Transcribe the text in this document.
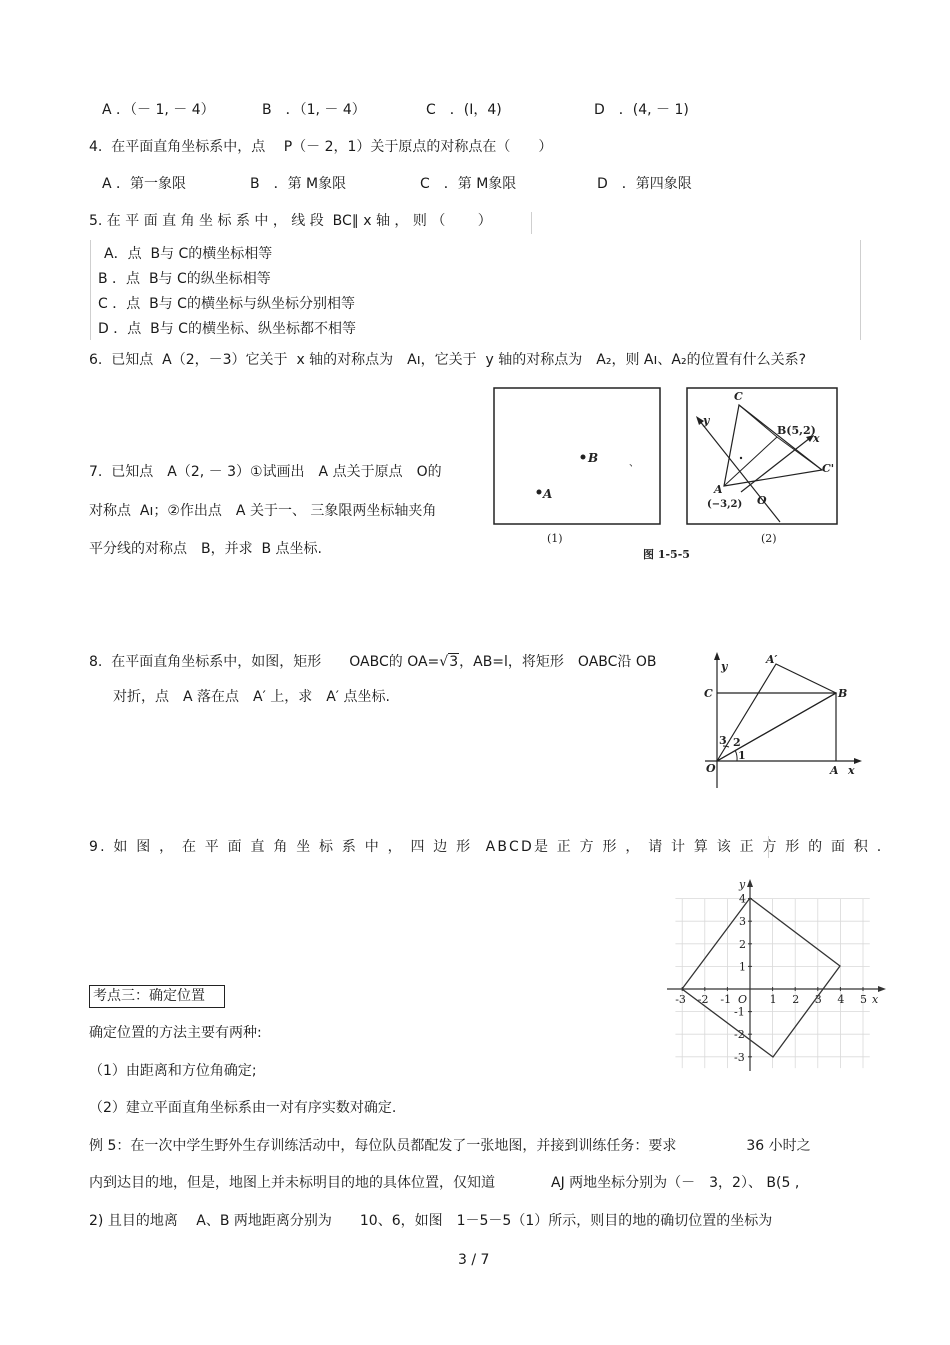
A ．（－ 1, － 4）	B　．（1, － 4）	C　．(I，4)	D　．(4, － 1)
4.  在平面直角坐标系中，点　 P（－ 2，1）关于原点的对称点在（　　）
A ．第一象限	B　．第 M象限	C　．第 M象限	D　．第四象限
5. 在 平 面 直 角 坐 标 系 中 ， 线 段  BC∥ x 轴 ， 则 （　　 ）
A．点  B与 C的横坐标相等
B ．点  B与 C的纵坐标相等
C ．点  B与 C的横坐标与纵坐标分别相等
D ．点  B与 C的横坐标、纵坐标都不相等
6.  已知点  A（2，－3）它关于  x 轴的对称点为　Aı，它关于  y 轴的对称点为　A₂，则 Aı、A₂的位置有什么关系?
7.  已知点　A（2, － 3）①试画出　A 点关于原点　O的
对称点  Aı；②作出点　A 关于一、 三象限两坐标轴夹角
平分线的对称点　B，并求  B 点坐标.
B
A
(1)
、
y
x
C
B(5,2)
C'
A
(−3,2) O
(2)
图 1-5-5
8.  在平面直角坐标系中，如图，矩形　　OABC的 OA=√3，AB=l，将矩形　OABC沿 OB
对折，点　A 落在点　A′ 上，求　A′ 点坐标.
A′
y
C	B
3 2
1
O	A x
9. 如 图 ， 在 平 面 直 角 坐 标 系 中 ， 四 边 形  ABCD是 正 方 形 ， 请 计 算 该 正 方 形 的 面 积 .
y
x
O
-3 -2 -1	1 2 3 4 5
4
3
2
1
-1
-2
-3
考点三：确定位置
确定位置的方法主要有两种:
（1）由距离和方位角确定;
（2）建立平面直角坐标系由一对有序实数对确定.
例 5：在一次中学生野外生存训练活动中，每位队员都配发了一张地图，并接到训练任务：要求　　　　　36 小时之
内到达目的地，但是，地图上并未标明目的地的具体位置，仅知道　　　　AJ 两地坐标分别为（－　3，2）、 B(5 ,
2) 且目的地离　 A、B 两地距离分别为　　10、6，如图　1－5－5（1）所示，则目的地的确切位置的坐标为
3 / 7
